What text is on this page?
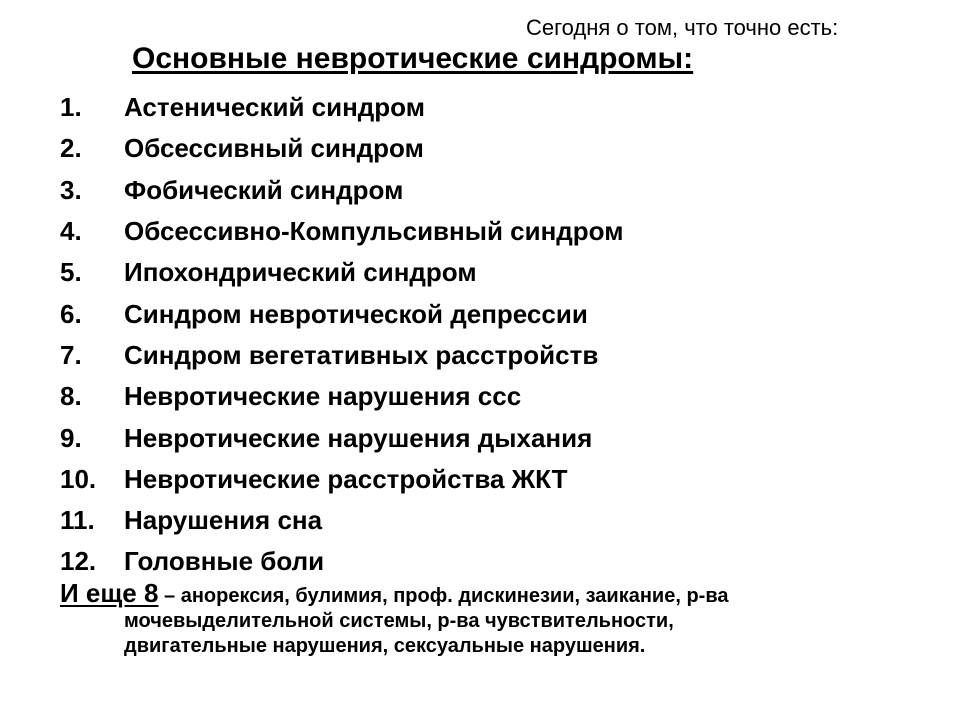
Сегодня о том, что точно есть:
Основные невротические синдромы:
1.	Астенический синдром
2.	Обсессивный синдром
3.	Фобический синдром
4.	Обсессивно-Компульсивный синдром
5.	Ипохондрический синдром
6.	Синдром невротической депрессии
7.	Синдром вегетативных расстройств
8.	Невротические нарушения ссс
9.	Невротические нарушения дыхания
10.	Невротические расстройства ЖКТ
11.	Нарушения сна
12.	Головные боли
И еще 8 – анорексия, булимия, проф. дискинезии, заикание, р-ва
мочевыделительной системы, р-ва чувствительности,
двигательные нарушения, сексуальные нарушения.
